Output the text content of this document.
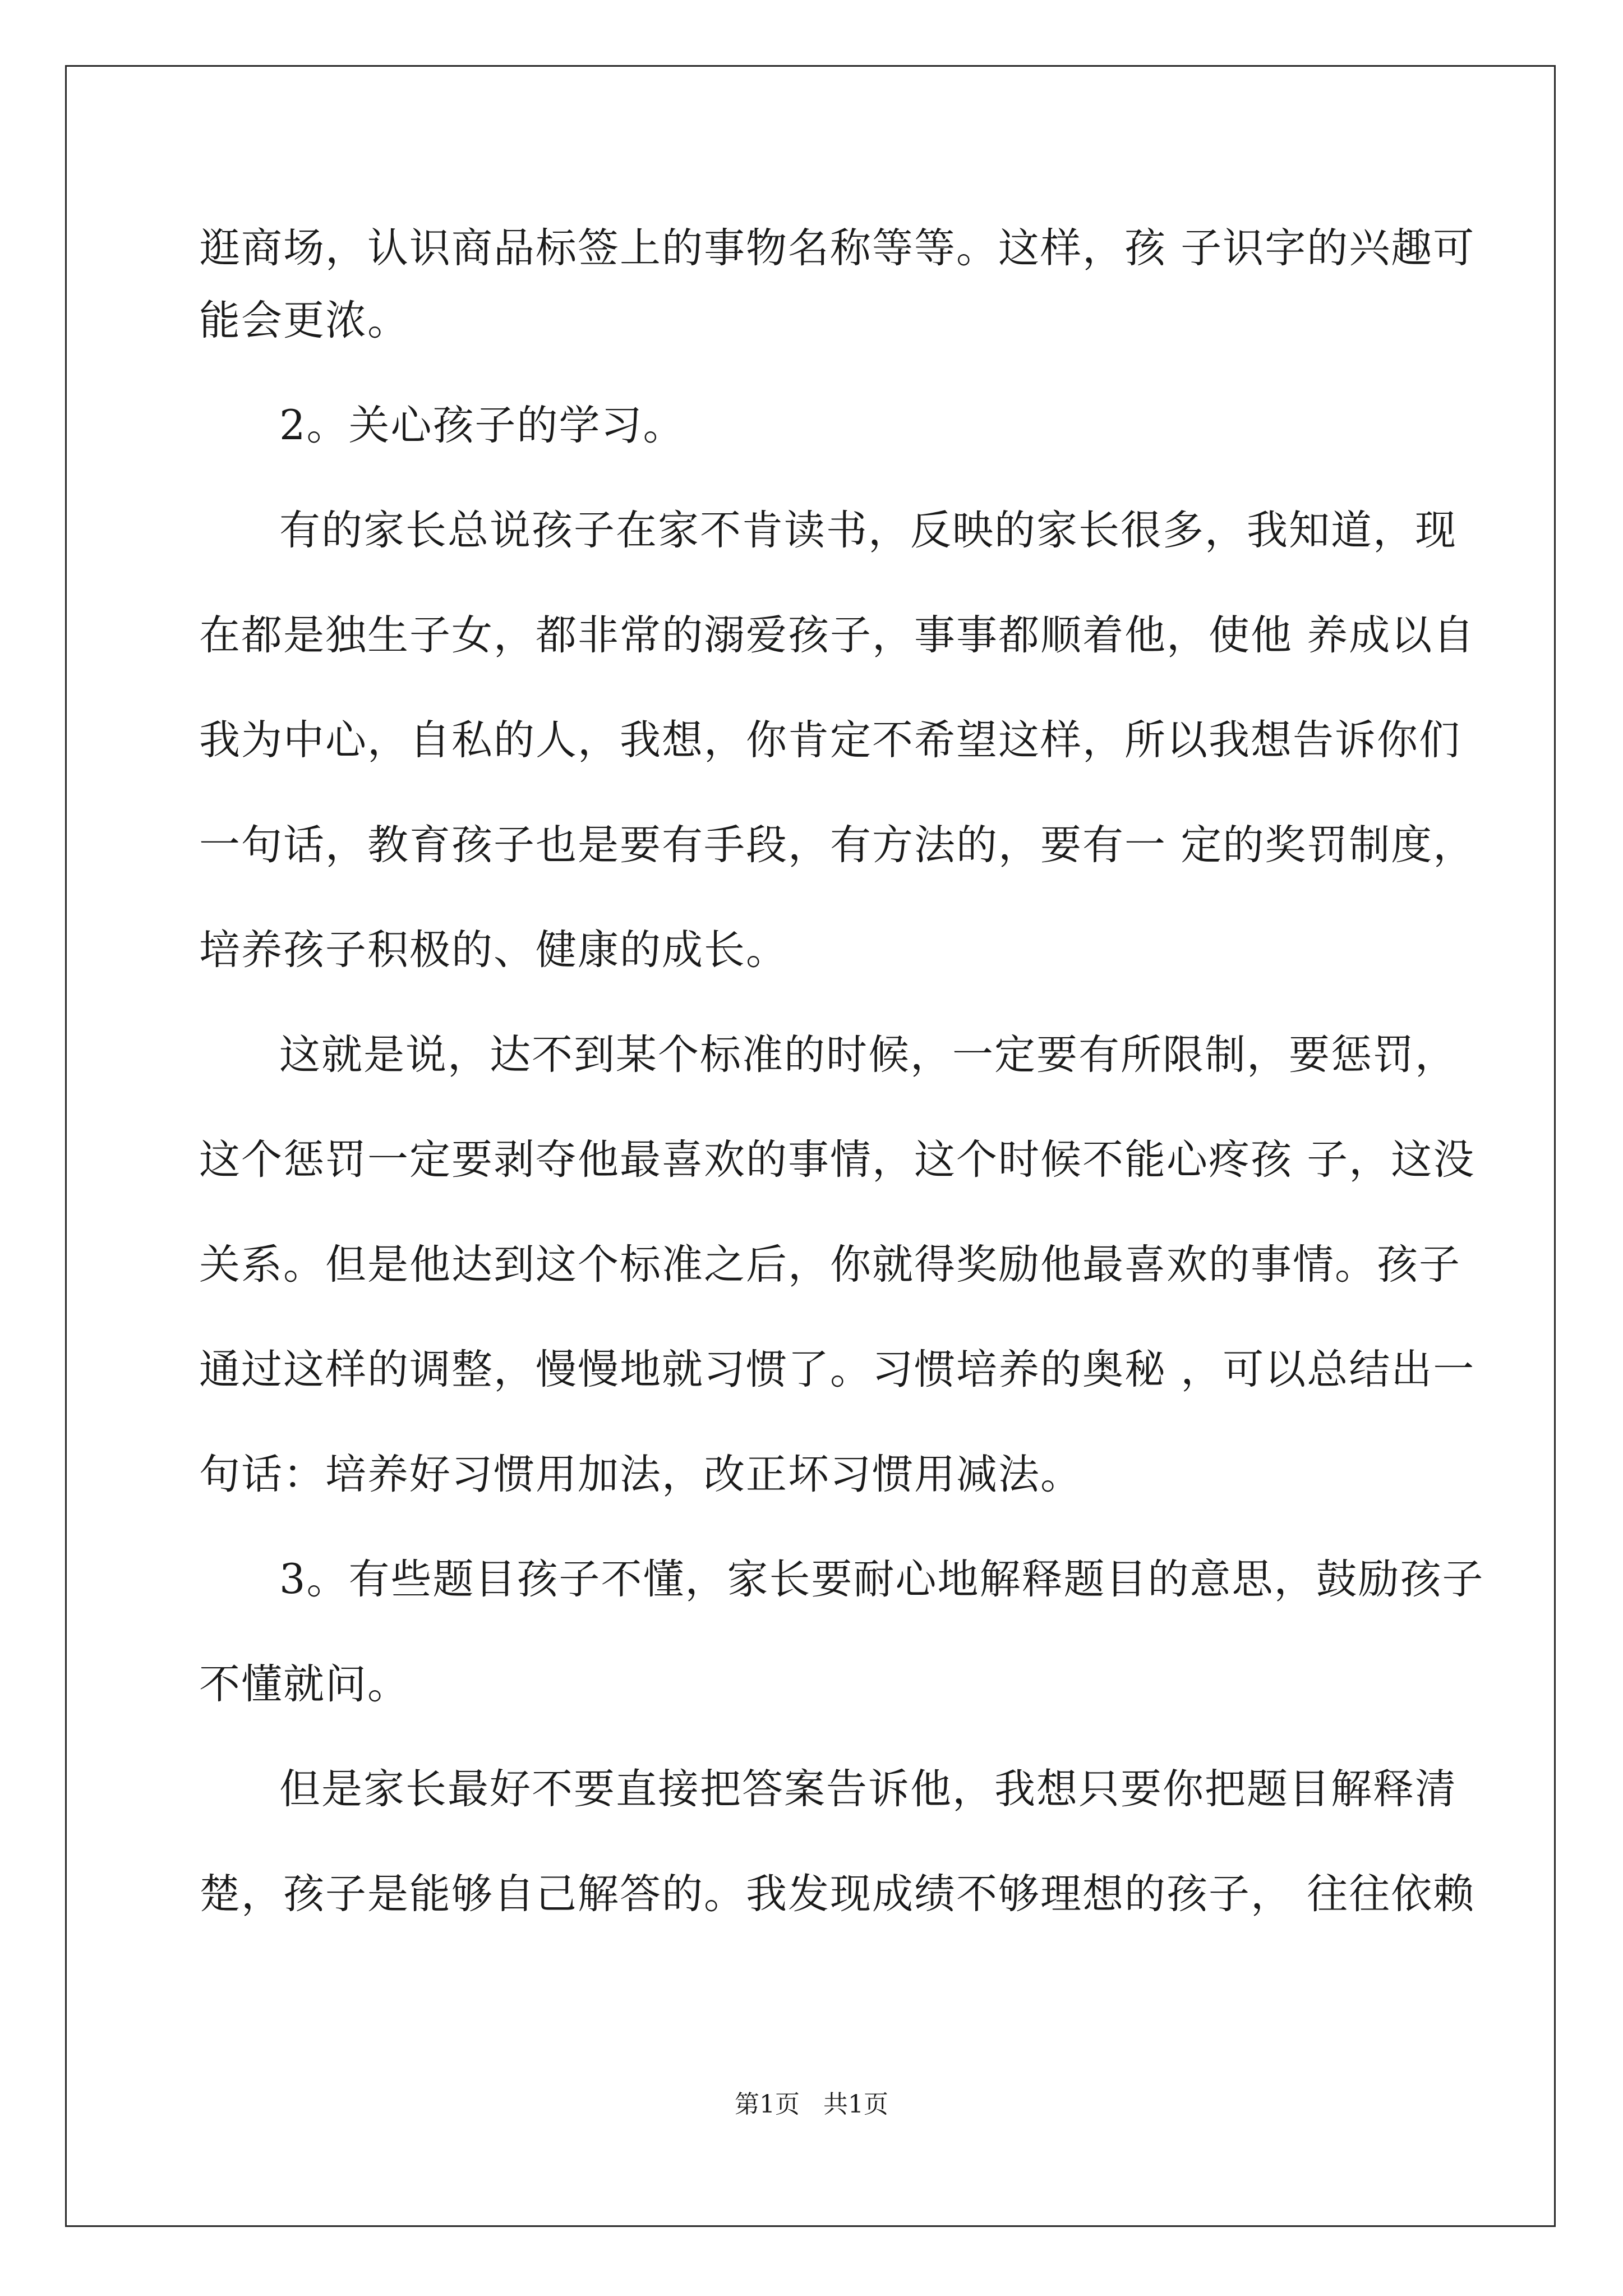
逛商场，认识商品标签上的事物名称等等。这样，孩 子识字的兴趣可
能会更浓。
2。关心孩子的学习。
有的家长总说孩子在家不肯读书，反映的家长很多，我知道，现
在都是独生子女，都非常的溺爱孩子，事事都顺着他，使他 养成以自
我为中心，自私的人，我想，你肯定不希望这样，所以我想告诉你们
一句话，教育孩子也是要有手段，有方法的，要有一 定的奖罚制度，
培养孩子积极的、健康的成长。
这就是说，达不到某个标准的时候，一定要有所限制，要惩罚，
这个惩罚一定要剥夺他最喜欢的事情，这个时候不能心疼孩 子，这没
关系。但是他达到这个标准之后，你就得奖励他最喜欢的事情。孩子
通过这样的调整，慢慢地就习惯了。习惯培养的奥秘 ，可以总结出一
句话：培养好习惯用加法，改正坏习惯用减法。
3。有些题目孩子不懂，家长要耐心地解释题目的意思，鼓励孩子
不懂就问。
但是家长最好不要直接把答案告诉他，我想只要你把题目解释清
楚，孩子是能够自己解答的。我发现成绩不够理想的孩子， 往往依赖
第1页   共1页
